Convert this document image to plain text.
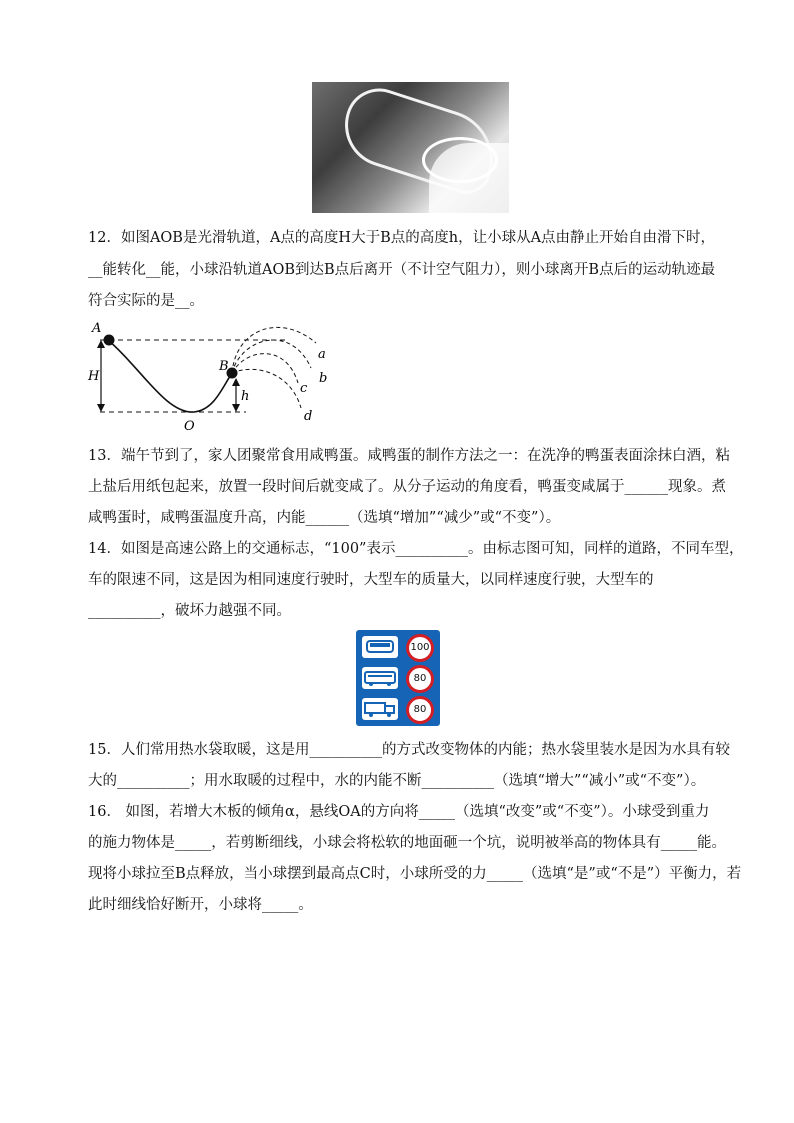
12．如图AOB是光滑轨道，A点的高度H大于B点的高度h，让小球从A点由静止开始自由滑下时，
__能转化__能，小球沿轨道AOB到达B点后离开（不计空气阻力），则小球离开B点后的运动轨迹最
符合实际的是__。
A
H
B
O
h
a
b
c
d
13．端午节到了，家人团聚常食用咸鸭蛋。咸鸭蛋的制作方法之一：在洗净的鸭蛋表面涂抹白酒，粘
上盐后用纸包起来，放置一段时间后就变咸了。从分子运动的角度看，鸭蛋变咸属于______现象。煮
咸鸭蛋时，咸鸭蛋温度升高，内能______（选填“增加”“减少”或“不变”）。
14．如图是高速公路上的交通标志，“100”表示__________。由标志图可知，同样的道路，不同车型，
车的限速不同，这是因为相同速度行驶时，大型车的质量大，以同样速度行驶，大型车的
__________，破坏力越强不同。
100
80
80
15．人们常用热水袋取暖，这是用__________的方式改变物体的内能；热水袋里装水是因为水具有较
大的__________；用水取暖的过程中，水的内能不断__________（选填“增大”“减小”或“不变”）。
16． 如图，若增大木板的倾角α，悬线OA的方向将_____（选填“改变”或“不变”）。小球受到重力
的施力物体是_____，若剪断细线，小球会将松软的地面砸一个坑，说明被举高的物体具有_____能。
现将小球拉至B点释放，当小球摆到最高点C时，小球所受的力_____（选填“是”或“不是”）平衡力，若
此时细线恰好断开，小球将_____。
